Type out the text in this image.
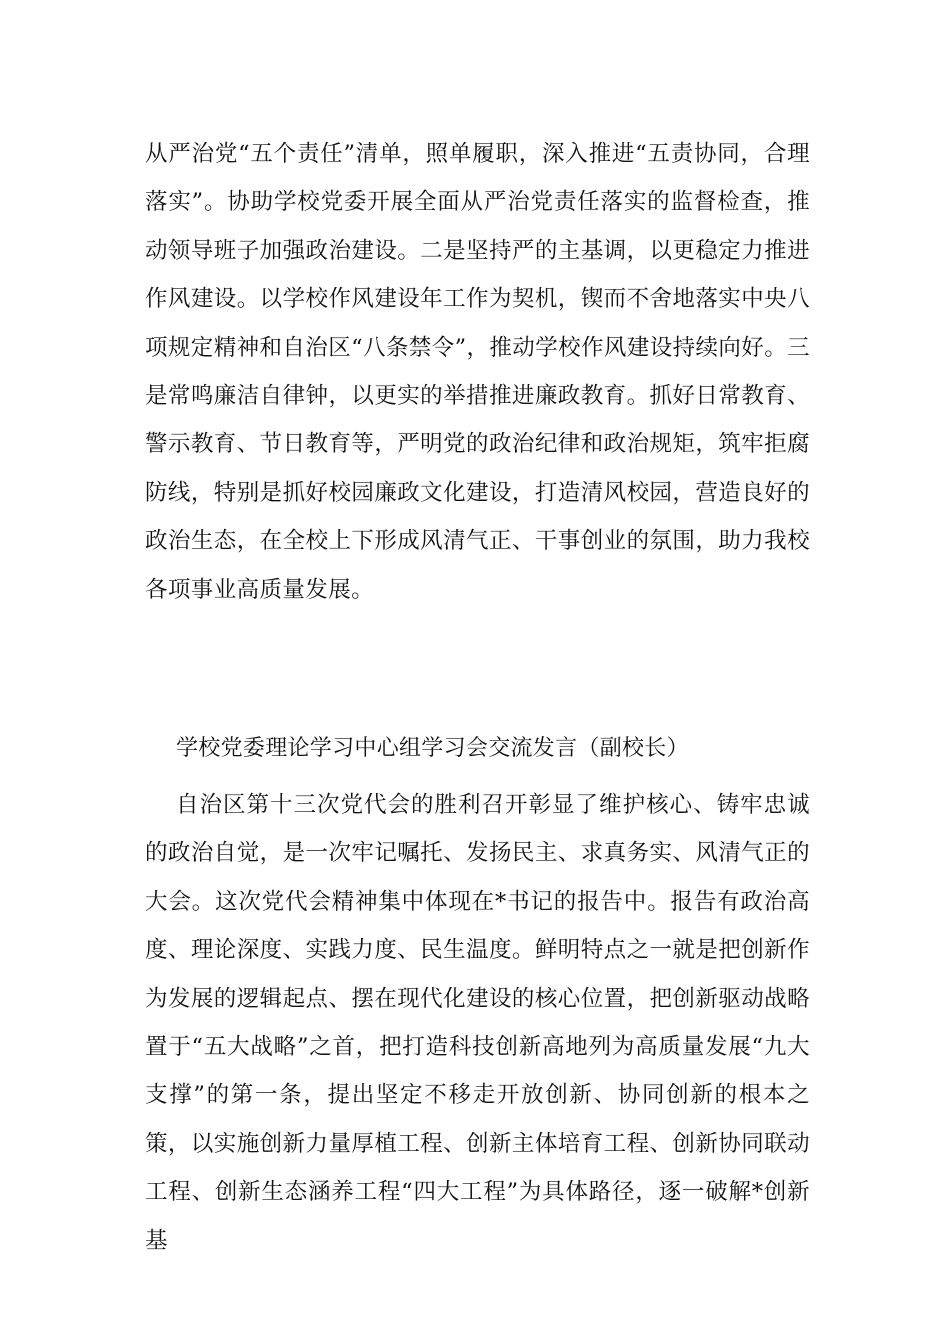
从严治党“五个责任”清单，照单履职，深入推进“五责协同，合理落实”。协助学校党委开展全面从严治党责任落实的监督检查，推动领导班子加强政治建设。二是坚持严的主基调，以更稳定力推进作风建设。以学校作风建设年工作为契机，锲而不舍地落实中央八项规定精神和自治区“八条禁令”，推动学校作风建设持续向好。三是常鸣廉洁自律钟，以更实的举措推进廉政教育。抓好日常教育、警示教育、节日教育等，严明党的政治纪律和政治规矩，筑牢拒腐防线，特别是抓好校园廉政文化建设，打造清风校园，营造良好的政治生态，在全校上下形成风清气正、干事创业的氛围，助力我校各项事业高质量发展。

学校党委理论学习中心组学习会交流发言（副校长）

自治区第十三次党代会的胜利召开彰显了维护核心、铸牢忠诚的政治自觉，是一次牢记嘱托、发扬民主、求真务实、风清气正的大会。这次党代会精神集中体现在*书记的报告中。报告有政治高度、理论深度、实践力度、民生温度。鲜明特点之一就是把创新作为发展的逻辑起点、摆在现代化建设的核心位置，把创新驱动战略置于“五大战略”之首，把打造科技创新高地列为高质量发展“九大支撑”的第一条，提出坚定不移走开放创新、协同创新的根本之策，以实施创新力量厚植工程、创新主体培育工程、创新协同联动工程、创新生态涵养工程“四大工程”为具体路径，逐一破解*创新基
